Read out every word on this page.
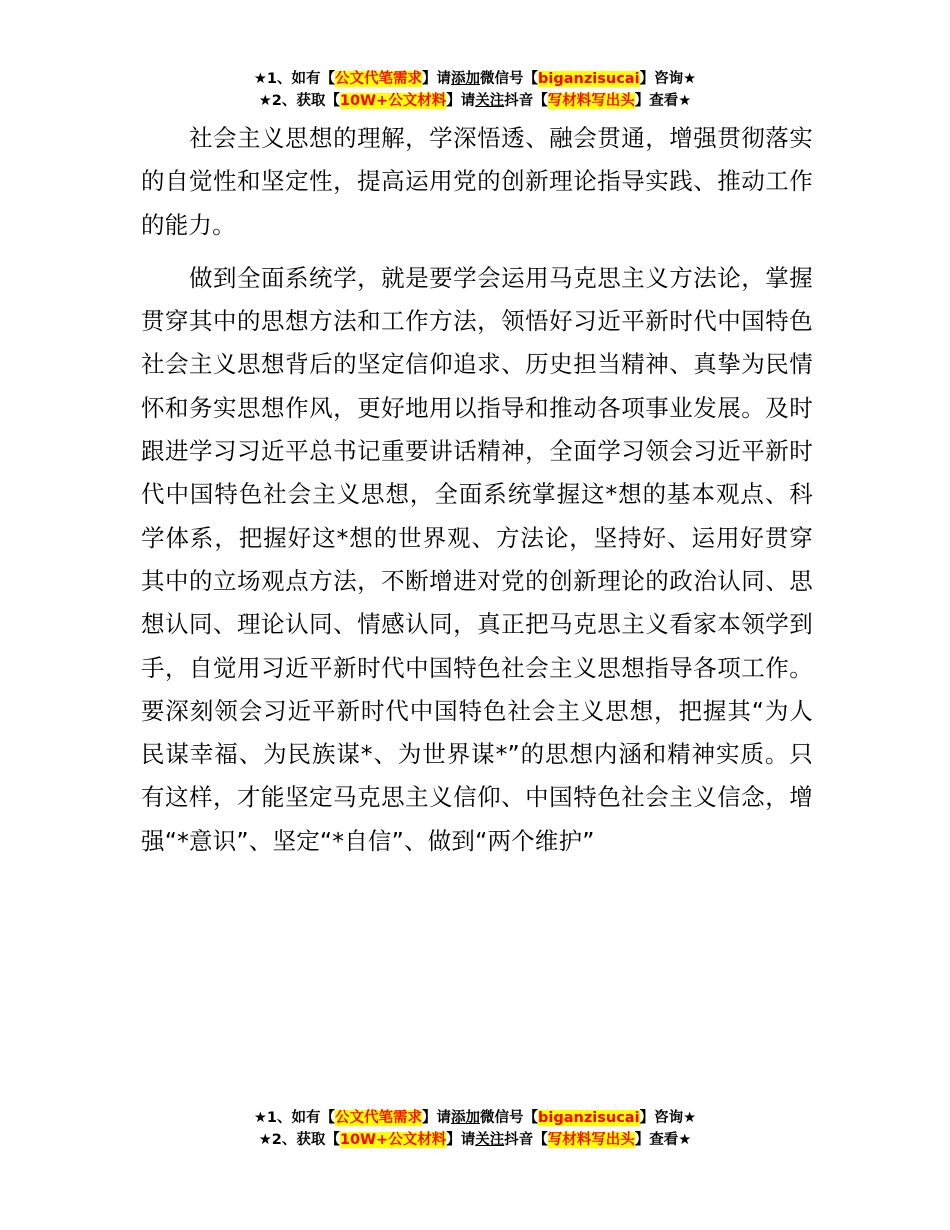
★1、如有【公文代笔需求】请添加微信号【biganzisucai】咨询★
★2、获取【10W+公文材料】请关注抖音【写材料写出头】查看★

社会主义思想的理解，学深悟透、融会贯通，增强贯彻落实的自觉性和坚定性，提高运用党的创新理论指导实践、推动工作的能力。

做到全面系统学，就是要学会运用马克思主义方法论，掌握贯穿其中的思想方法和工作方法，领悟好习近平新时代中国特色社会主义思想背后的坚定信仰追求、历史担当精神、真挚为民情怀和务实思想作风，更好地用以指导和推动各项事业发展。及时跟进学习习近平总书记重要讲话精神，全面学习领会习近平新时代中国特色社会主义思想，全面系统掌握这*想的基本观点、科学体系，把握好这*想的世界观、方法论，坚持好、运用好贯穿其中的立场观点方法，不断增进对党的创新理论的政治认同、思想认同、理论认同、情感认同，真正把马克思主义看家本领学到手，自觉用习近平新时代中国特色社会主义思想指导各项工作。要深刻领会习近平新时代中国特色社会主义思想，把握其“为人民谋幸福、为民族谋*、为世界谋*”的思想内涵和精神实质。只有这样，才能坚定马克思主义信仰、中国特色社会主义信念，增强“*意识”、坚定“*自信”、做到“两个维护”

★1、如有【公文代笔需求】请添加微信号【biganzisucai】咨询★
★2、获取【10W+公文材料】请关注抖音【写材料写出头】查看★
